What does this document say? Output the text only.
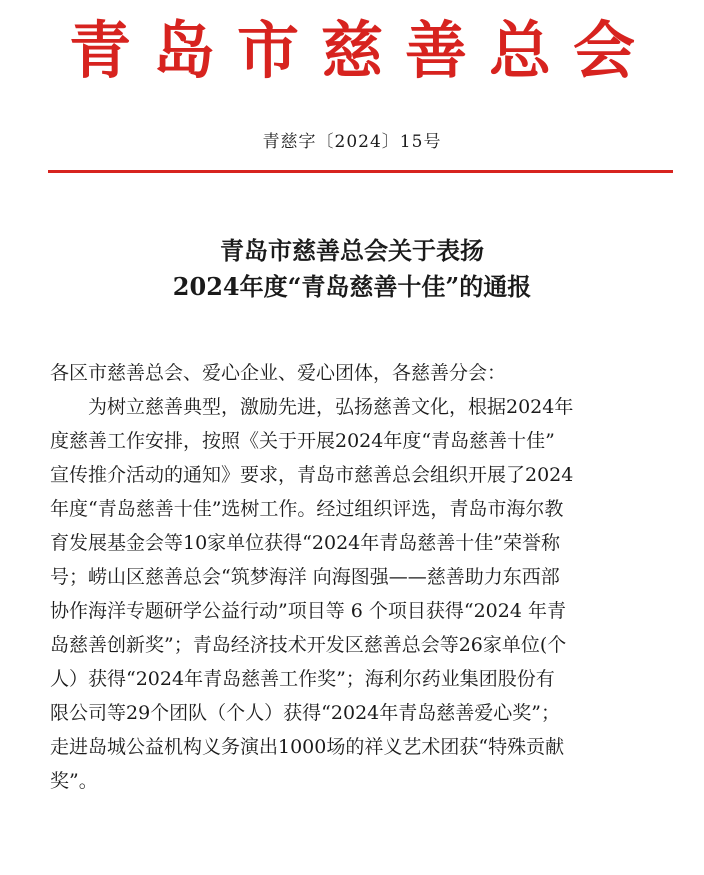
青岛市慈善总会
青慈字〔2024〕15号
青岛市慈善总会关于表扬
2024年度“青岛慈善十佳”的通报
各区市慈善总会、爱心企业、爱心团体，各慈善分会：
　　为树立慈善典型，激励先进，弘扬慈善文化，根据2024年
度慈善工作安排，按照《关于开展2024年度“青岛慈善十佳”
宣传推介活动的通知》要求，青岛市慈善总会组织开展了2024
年度“青岛慈善十佳”选树工作。经过组织评选，青岛市海尔教
育发展基金会等10家单位获得“2024年青岛慈善十佳”荣誉称
号；崂山区慈善总会“筑梦海洋 向海图强——慈善助力东西部
协作海洋专题研学公益行动”项目等 6 个项目获得“2024 年青
岛慈善创新奖”；青岛经济技术开发区慈善总会等26家单位(个
人）获得“2024年青岛慈善工作奖”；海利尔药业集团股份有
限公司等29个团队（个人）获得“2024年青岛慈善爱心奖”；
走进岛城公益机构义务演出1000场的祥义艺术团获“特殊贡献
奖”。
